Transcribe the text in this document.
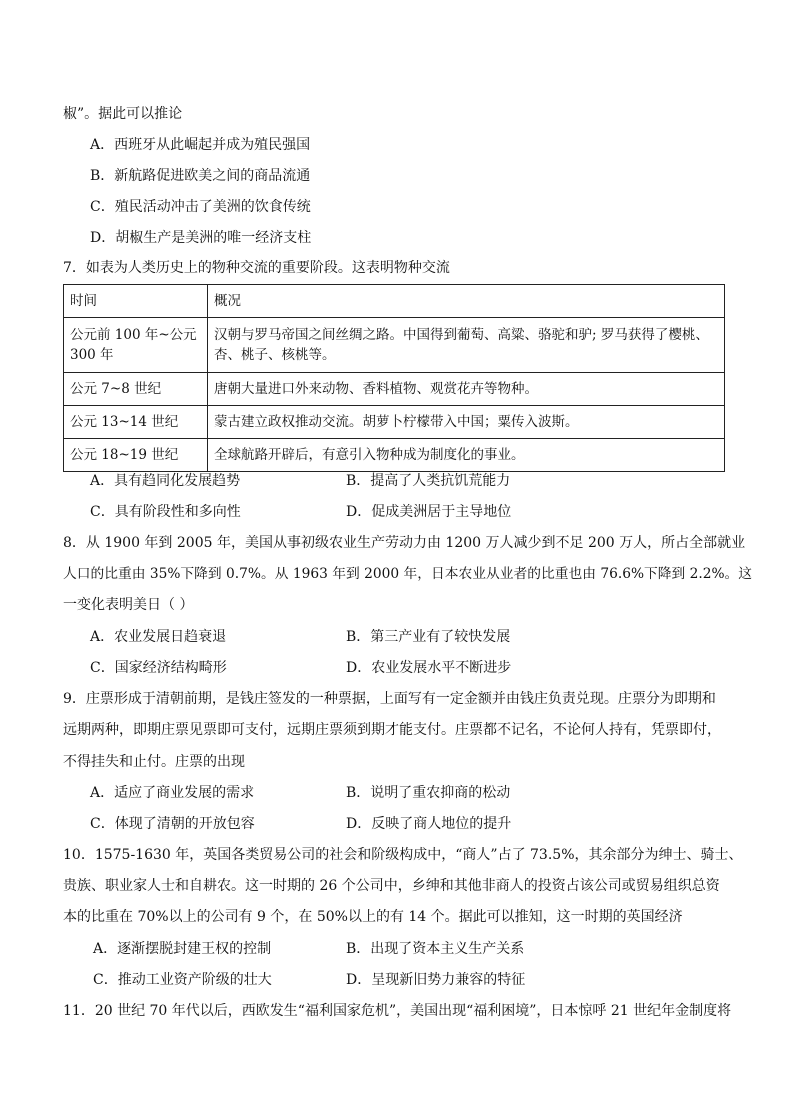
椒”。据此可以推论
A．西班牙从此崛起并成为殖民强国
B．新航路促进欧美之间的商品流通
C．殖民活动冲击了美洲的饮食传统
D．胡椒生产是美洲的唯一经济支柱
7．如表为人类历史上的物种交流的重要阶段。这表明物种交流
时间	概况
公元前 100 年~公元 300 年	汉朝与罗马帝国之间丝绸之路。中国得到葡萄、高粱、骆驼和驴; 罗马获得了樱桃、杏、桃子、核桃等。
公元 7~8 世纪	唐朝大量进口外来动物、香料植物、观赏花卉等物种。
公元 13~14 世纪	蒙古建立政权推动交流。胡萝卜柠檬带入中国；粟传入波斯。
公元 18~19 世纪	全球航路开辟后，有意引入物种成为制度化的事业。
A．具有趋同化发展趋势	B．提高了人类抗饥荒能力
C．具有阶段性和多向性	D．促成美洲居于主导地位
8．从 1900 年到 2005 年，美国从事初级农业生产劳动力由 1200 万人减少到不足 200 万人，所占全部就业
人口的比重由 35%下降到 0.7%。从 1963 年到 2000 年，日本农业从业者的比重也由 76.6%下降到 2.2%。这
一变化表明美日（ ）
A．农业发展日趋衰退	B．第三产业有了较快发展
C．国家经济结构畸形	D．农业发展水平不断进步
9．庄票形成于清朝前期，是钱庄签发的一种票据，上面写有一定金额并由钱庄负责兑现。庄票分为即期和
远期两种，即期庄票见票即可支付，远期庄票须到期才能支付。庄票都不记名，不论何人持有，凭票即付，
不得挂失和止付。庄票的出现
A．适应了商业发展的需求	B．说明了重农抑商的松动
C．体现了清朝的开放包容	D．反映了商人地位的提升
10．1575-1630 年，英国各类贸易公司的社会和阶级构成中，“商人”占了 73.5%，其余部分为绅士、骑士、
贵族、职业家人士和自耕农。这一时期的 26 个公司中，乡绅和其他非商人的投资占该公司或贸易组织总资
本的比重在 70%以上的公司有 9 个，在 50%以上的有 14 个。据此可以推知，这一时期的英国经济
A．逐渐摆脱封建王权的控制	B．出现了资本主义生产关系
C．推动工业资产阶级的壮大	D．呈现新旧势力兼容的特征
11．20 世纪 70 年代以后，西欧发生“福利国家危机”，美国出现“福利困境”，日本惊呼 21 世纪年金制度将
